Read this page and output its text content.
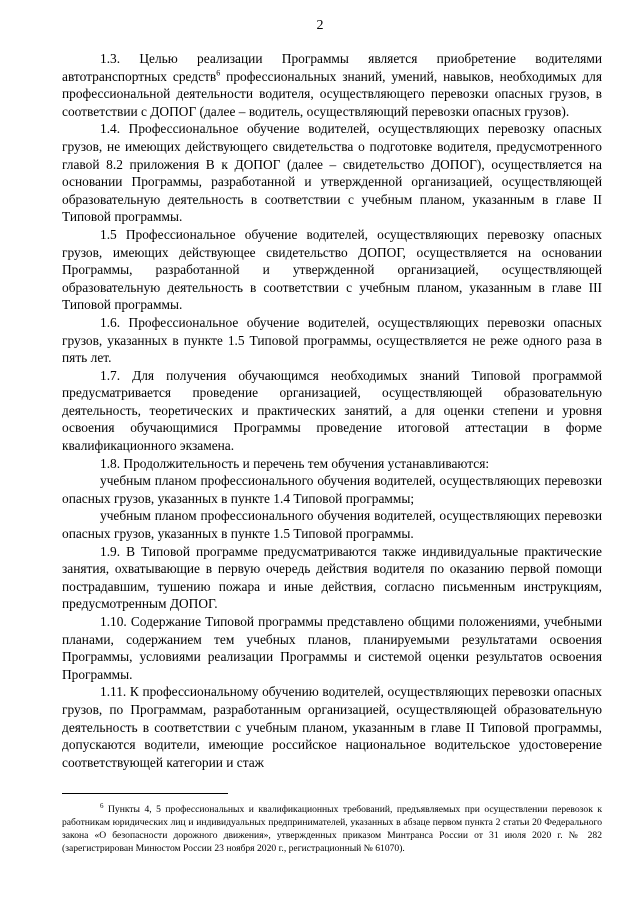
2

1.3. Целью реализации Программы является приобретение водителями автотранспортных средств$^6$ профессиональных знаний, умений, навыков, необходимых для профессиональной деятельности водителя, осуществляющего перевозки опасных грузов, в соответствии с ДОПОГ (далее – водитель, осуществляющий перевозки опасных грузов).

1.4. Профессиональное обучение водителей, осуществляющих перевозку опасных грузов, не имеющих действующего свидетельства о подготовке водителя, предусмотренного главой 8.2 приложения В к ДОПОГ (далее – свидетельство ДОПОГ), осуществляется на основании Программы, разработанной и утвержденной организацией, осуществляющей образовательную деятельность в соответствии с учебным планом, указанным в главе II Типовой программы.

1.5 Профессиональное обучение водителей, осуществляющих перевозку опасных грузов, имеющих действующее свидетельство ДОПОГ, осуществляется на основании Программы, разработанной и утвержденной организацией, осуществляющей образовательную деятельность в соответствии с учебным планом, указанным в главе III Типовой программы.

1.6. Профессиональное обучение водителей, осуществляющих перевозки опасных грузов, указанных в пункте 1.5 Типовой программы, осуществляется не реже одного раза в пять лет.

1.7. Для получения обучающимся необходимых знаний Типовой программой предусматривается проведение организацией, осуществляющей образовательную деятельность, теоретических и практических занятий, а для оценки степени и уровня освоения обучающимися Программы проведение итоговой аттестации в форме квалификационного экзамена.

1.8. Продолжительность и перечень тем обучения устанавливаются:

учебным планом профессионального обучения водителей, осуществляющих перевозки опасных грузов, указанных в пункте 1.4 Типовой программы;

учебным планом профессионального обучения водителей, осуществляющих перевозки опасных грузов, указанных в пункте 1.5 Типовой программы.

1.9. В Типовой программе предусматриваются также индивидуальные практические занятия, охватывающие в первую очередь действия водителя по оказанию первой помощи пострадавшим, тушению пожара и иные действия, согласно письменным инструкциям, предусмотренным ДОПОГ.

1.10. Содержание Типовой программы представлено общими положениями, учебными планами, содержанием тем учебных планов, планируемыми результатами освоения Программы, условиями реализации Программы и системой оценки результатов освоения Программы.

1.11. К профессиональному обучению водителей, осуществляющих перевозки опасных грузов, по Программам, разработанным организацией, осуществляющей образовательную деятельность в соответствии с учебным планом, указанным в главе II Типовой программы, допускаются водители, имеющие российское национальное водительское удостоверение соответствующей категории и стаж

$^6$ Пункты 4, 5 профессиональных и квалификационных требований, предъявляемых при осуществлении перевозок к работникам юридических лиц и индивидуальных предпринимателей, указанных в абзаце первом пункта 2 статьи 20 Федерального закона «О безопасности дорожного движения», утвержденных приказом Минтранса России от 31 июля 2020 г. № 282 (зарегистрирован Минюстом России 23 ноября 2020 г., регистрационный № 61070).
